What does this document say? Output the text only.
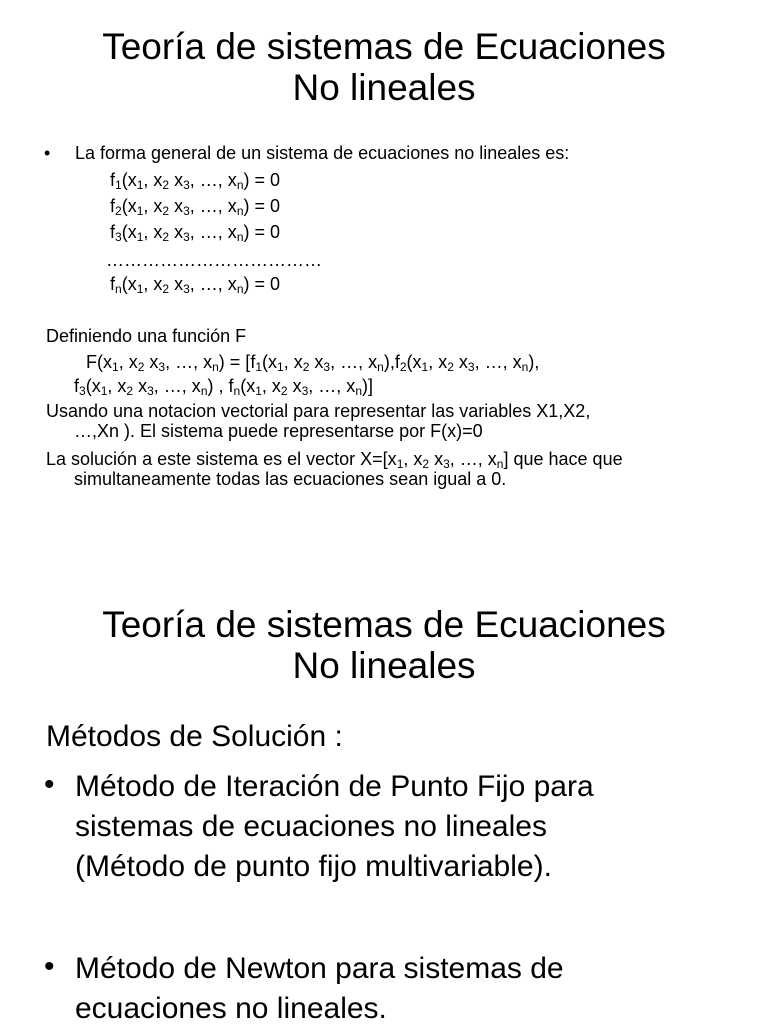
Teoría de sistemas de Ecuaciones
No lineales
• La forma general de un sistema de ecuaciones no lineales es:
$f_1(x_1$, $x_2$ $x_3$, …, $x_n) = 0$
$f_2(x_1$, $x_2$ $x_3$, …, $x_n) = 0$
$f_3(x_1$, $x_2$ $x_3$, …, $x_n) = 0$
………………………………
$f_n(x_1$, $x_2$ $x_3$, …, $x_n) = 0$
Definiendo una función F
$F(x_1$, $x_2$ $x_3$, …, $x_n) = [f_1(x_1$, $x_2$ $x_3$, …, $x_n),f_2(x_1$, $x_2$ $x_3$, …, $x_n$),
$f_3(x_1$, $x_2$ $x_3$, …, $x_n$) , $f_n(x_1$, $x_2$ $x_3$, …, $x_n$)]
Usando una notacion vectorial para representar las variables X1,X2,
…,Xn ). El sistema puede representarse por F(x)=0
La solución a este sistema es el vector $X=[x_1$, $x_2$ $x_3$, …, $x_n$] que hace que
simultaneamente todas las ecuaciones sean igual a 0.
Teoría de sistemas de Ecuaciones
No lineales
Métodos de Solución :
• Método de Iteración de Punto Fijo para
sistemas de ecuaciones no lineales
(Método de punto fijo multivariable).
• Método de Newton para sistemas de
ecuaciones no lineales.
